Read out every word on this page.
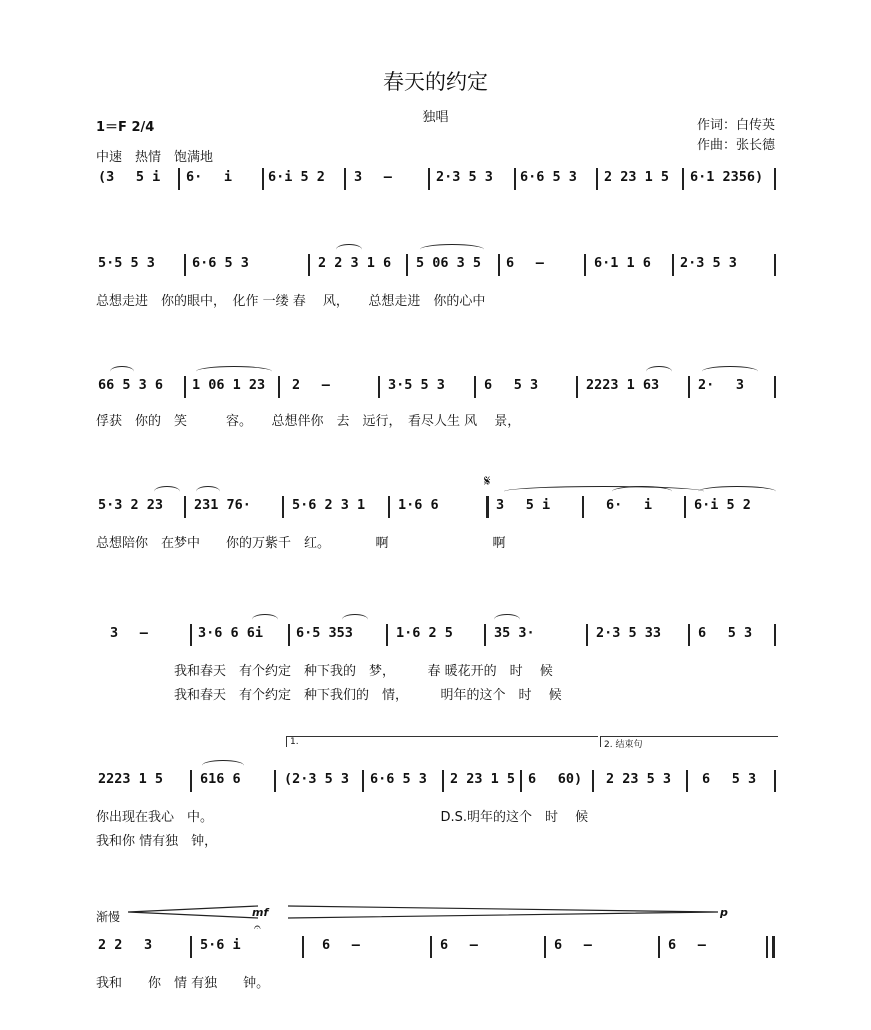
春天的约定
独唱
作词：白传英
作曲：张长德
1＝F 2/4
中速　热情　饱满地
(3　 5 i 6·　 i	6·i 5 2 3　 –	2·3 5 3 6·6 5 3 2 23 1 5 6·1 2356)
5·5 5 3	6·6 5 3	2 2 3 1 6 5 06 3 5 6　 –	6·1 1 6 2·3 5 3
总想走进　你的眼中，　化作 一缕 春　 风，　　总想走进　你的心中
66 5 3 6 1 06 1 23 2　 –	3·5 5 3	6　 5 3	2223 1 63	2·　 3
俘获　你的　笑　　　容。　　总想伴你　去　远行，　看尽人生 风　 景，
5·3 2 23 231 76·	5·6 2 3 1 1·6 6	3　 5 i	6·　 i	6·i 5 2
𝄋
总想陪你　在梦中　　你的万紫千　红。　　　　啊　　　　　　　　啊
3　 –	3·6 6 6i 6·5 353	1·6 2 5	35 3·	2·3 5 33	6　 5 3
　　　　　　我和春天　有个约定　种下我的　梦，　　　春 暖花开的　时　 候
　　　　　　我和春天　有个约定　种下我们的　情，　　　明年的这个　时　 候
1.	2. 结束句
2223 1 5	616 6	(2·3 5 3 6·6 5 3 2 23 1 5 6　 60) 2 23 5 3 6　 5 3
你出现在我心　中。　　　　　　　　　　　　　　　　　　D.S.明年的这个　时　 候
我和你 情有独　钟，
渐慢	mf
𝄐
p
2 2　 3	5·6 i	6　 –	6　 –	6　 –	6　 –
我和　　你　情 有独　　钟。
